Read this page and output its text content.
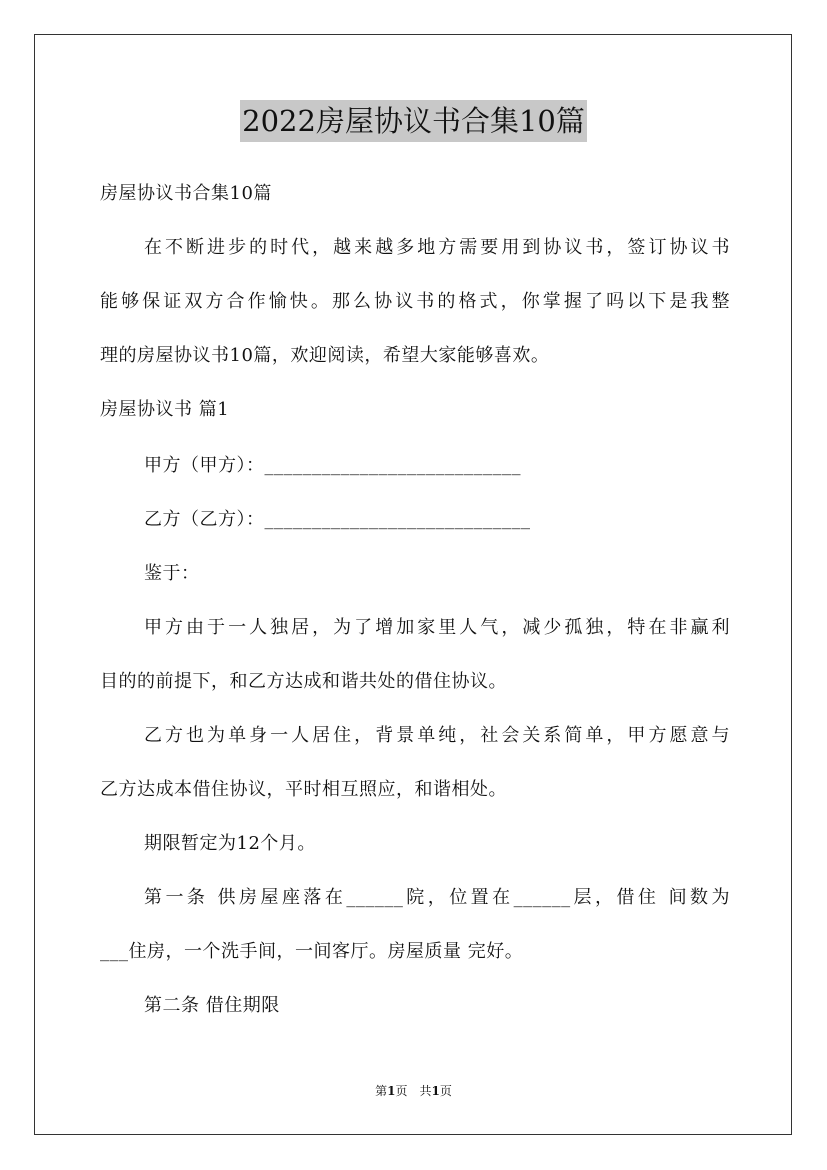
2022房屋协议书合集10篇
房屋协议书合集10篇
在不断进步的时代，越来越多地方需要用到协议书，签订协议书
能够保证双方合作愉快。那么协议书的格式，你掌握了吗以下是我整
理的房屋协议书10篇，欢迎阅读，希望大家能够喜欢。
房屋协议书 篇1
甲方（甲方）：___________________________
乙方（乙方）：____________________________
鉴于：
甲方由于一人独居，为了增加家里人气，减少孤独，特在非赢利
目的的前提下，和乙方达成和谐共处的借住协议。
乙方也为单身一人居住，背景单纯，社会关系简单，甲方愿意与
乙方达成本借住协议，平时相互照应，和谐相处。
期限暂定为12个月。
第一条 供房屋座落在______院，位置在______层，借住 间数为
___住房，一个洗手间，一间客厅。房屋质量 完好。
第二条 借住期限
第1页　共1页
